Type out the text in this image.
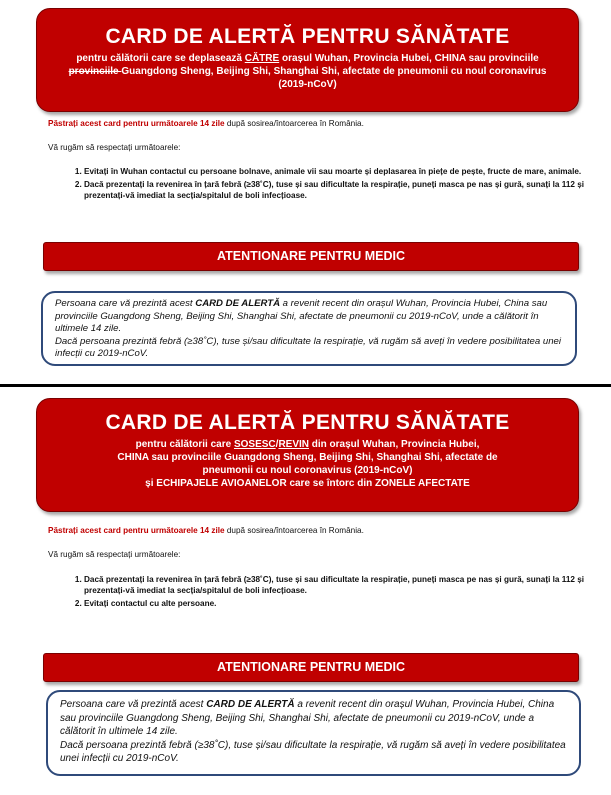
CARD DE ALERTĂ PENTRU SĂNĂTATE
pentru călătorii care se deplasează CĂTRE orașul Wuhan, Provincia Hubei, CHINA sau provinciile
provinciile Guangdong Sheng, Beijing Shi, Shanghai Shi, afectate de pneumonii cu noul coronavirus
(2019-nCoV)
Păstrați acest card pentru următoarele 14 zile după sosirea/întoarcerea în România.
Vă rugăm să respectați următoarele:
1. Evitați în Wuhan contactul cu persoane bolnave, animale vii sau moarte și deplasarea în piețe de pește, fructe de mare, animale.
2. Dacă prezentați la revenirea în țară febră (≥38˚C), tuse și sau dificultate la respirație, puneți masca pe nas și gură, sunați la 112 și prezentați-vă imediat la secția/spitalul de boli infecțioase.
ATENTIONARE PENTRU MEDIC

Persoana care vă prezintă acest CARD DE ALERTĂ a revenit recent din orașul Wuhan, Provincia Hubei, China sau provinciile Guangdong Sheng, Beijing Shi, Shanghai Shi, afectate de pneumonii cu 2019-nCoV, unde a călătorit în ultimele 14 zile.

Dacă persoana prezintă febră (≥38˚C), tuse și/sau dificultate la respirație, vă rugăm să aveți în vedere posibilitatea unei infecții cu 2019-nCoV.

CARD DE ALERTĂ PENTRU SĂNĂTATE
pentru călătorii care SOSESC/REVIN din orașul Wuhan, Provincia Hubei,
CHINA sau provinciile Guangdong Sheng, Beijing Shi, Shanghai Shi, afectate de
pneumonii cu noul coronavirus (2019-nCoV)
și ECHIPAJELE AVIOANELOR care se întorc din ZONELE AFECTATE
Păstrați acest card pentru următoarele 14 zile după sosirea/întoarcerea în România.
Vă rugăm să respectați următoarele:
1. Dacă prezentați la revenirea în țară febră (≥38˚C), tuse și sau dificultate la respirație, puneți masca pe nas și gură, sunați la 112 și prezentați-vă imediat la secția/spitalul de boli infecțioase.
2. Evitați contactul cu alte persoane.
ATENTIONARE PENTRU MEDIC

Persoana care vă prezintă acest CARD DE ALERTĂ a revenit recent din orașul Wuhan, Provincia Hubei, China sau provinciile Guangdong Sheng, Beijing Shi, Shanghai Shi, afectate de pneumonii cu 2019-nCoV, unde a călătorit în ultimele 14 zile.

Dacă persoana prezintă febră (≥38˚C), tuse și/sau dificultate la respirație, vă rugăm să aveți în vedere posibilitatea unei infecții cu 2019-nCoV.
